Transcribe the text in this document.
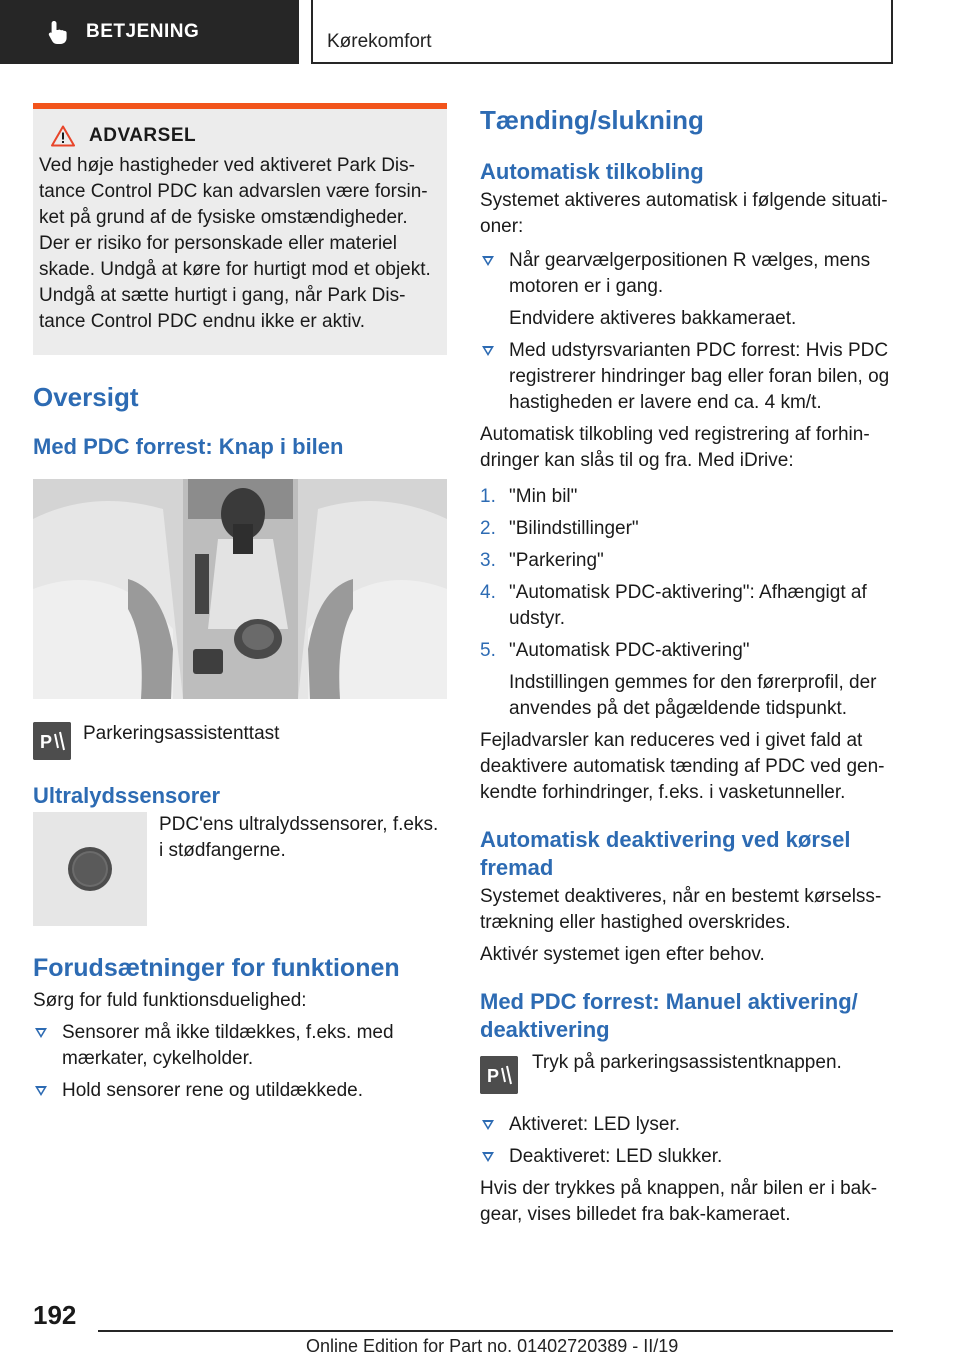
BETJENING	Kørekomfort
ADVARSEL

Ved høje hastigheder ved aktiveret Park Distance Control PDC kan advarslen være forsinket på grund af de fysiske omstændigheder. Der er risiko for personskade eller materiel skade. Undgå at køre for hurtigt mod et objekt. Undgå at sætte hurtigt i gang, når Park Distance Control PDC endnu ikke er aktiv.

Oversigt
Med PDC forrest: Knap i bilen
P Parkeringsassistenttast

Ultralydssensorer

PDC'ens ultralydssensorer, f.eks. i stødfangerne.

Forudsætninger for funktionen

Sørg for fuld funktionsduelighed:

Sensorer må ikke tildækkes, f.eks. med mærkater, cykelholder.
Hold sensorer rene og utildækkede.
Tænding/slukning
Automatisk tilkobling

Systemet aktiveres automatisk i følgende situationer:

Når gearvælgerpositionen R vælges, mens motoren er i gang.
Endvidere aktiveres bakkameraet.
Med udstyrsvarianten PDC forrest: Hvis PDC registrerer hindringer bag eller foran bilen, og hastigheden er lavere end ca. 4 km/t.

Automatisk tilkobling ved registrering af forhindringer kan slås til og fra. Med iDrive:

1. "Min bil"
2. "Bilindstillinger"
3. "Parkering"
4. "Automatisk PDC-aktivering": Afhængigt af udstyr.
5. "Automatisk PDC-aktivering"
Indstillingen gemmes for den førerprofil, der anvendes på det pågældende tidspunkt.

Fejladvarsler kan reduceres ved i givet fald at deaktivere automatisk tænding af PDC ved genkendte forhindringer, f.eks. i vasketunneller.

Automatisk deaktivering ved kørsel fremad

Systemet deaktiveres, når en bestemt kørselsstrækning eller hastighed overskrides.

Aktivér systemet igen efter behov.

Med PDC forrest: Manuel aktivering/ deaktivering
P

Tryk på parkeringsassistentknappen.

Aktiveret: LED lyser.
Deaktiveret: LED slukker.

Hvis der trykkes på knappen, når bilen er i bakgear, vises billedet fra bak-kameraet.

192
Online Edition for Part no. 01402720389 - II/19
